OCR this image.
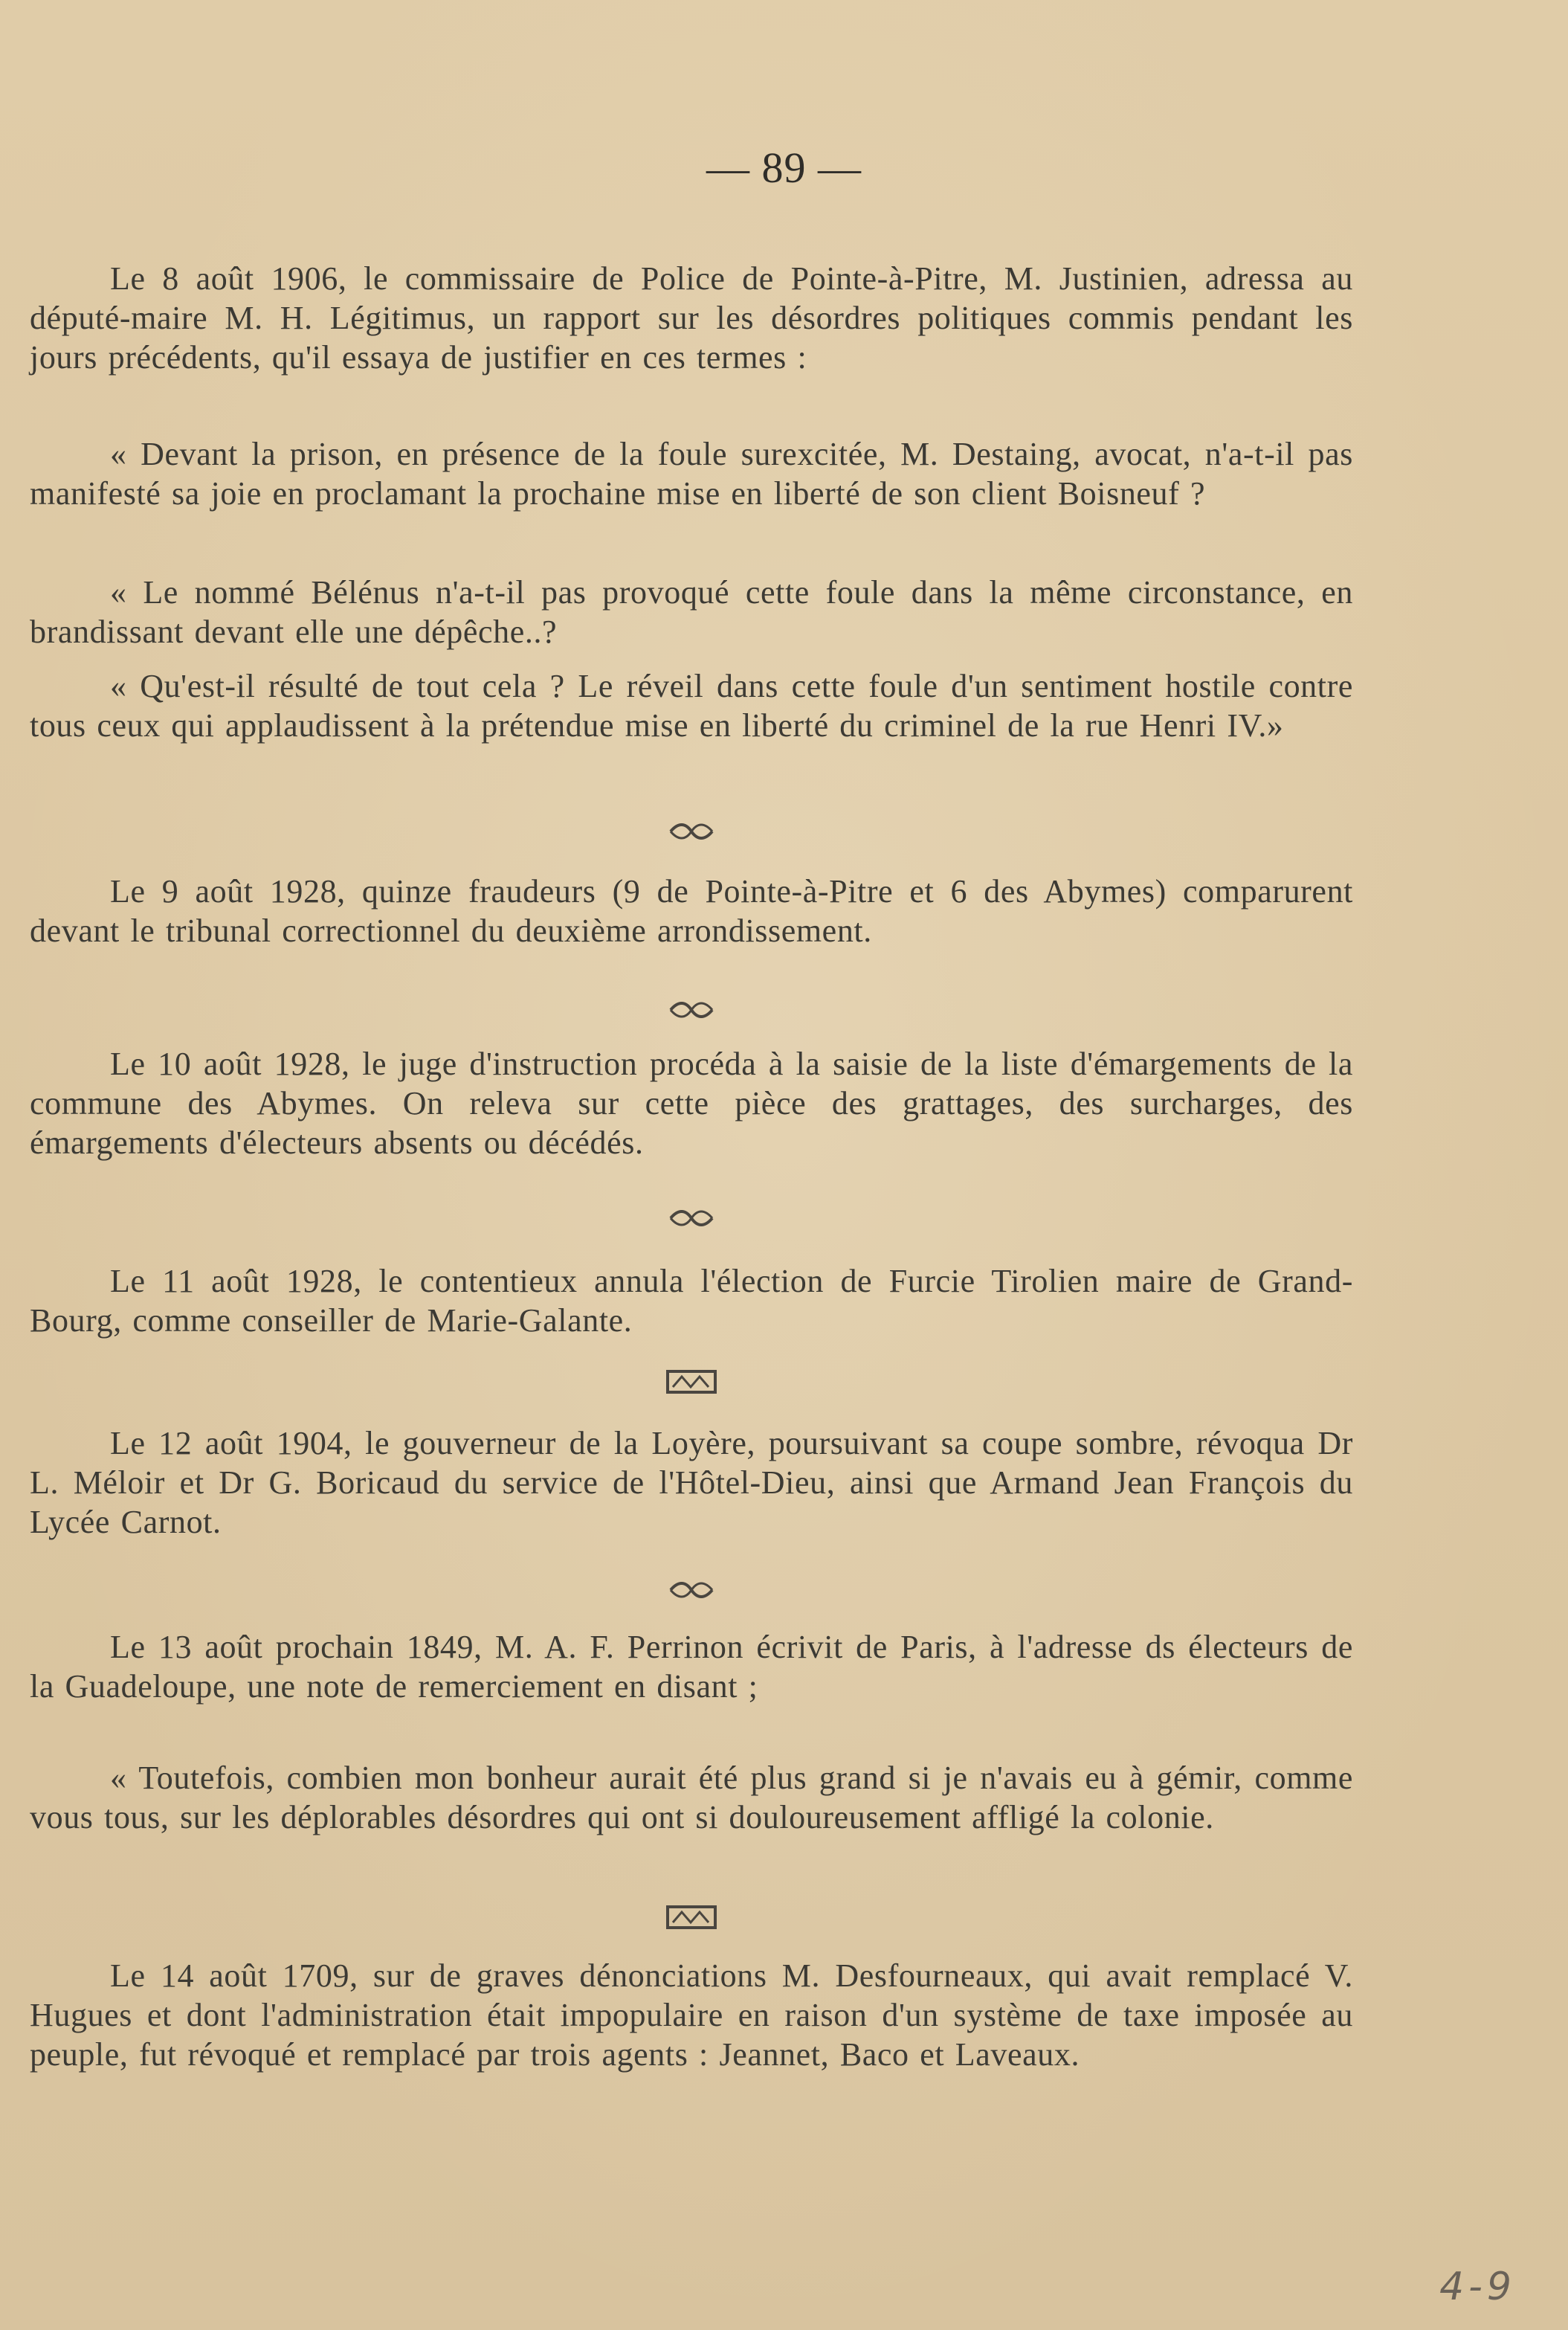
— 89 —

Le 8 août 1906, le commissaire de Police de Pointe-à-Pitre, M. Justinien, adressa au député-maire M. H. Légitimus, un rapport sur les désordres politiques commis pendant les jours précédents, qu'il essaya de justifier en ces termes :

« Devant la prison, en présence de la foule surexcitée, M. Destaing, avocat, n'a-t-il pas manifesté sa joie en proclamant la prochaine mise en liberté de son client Boisneuf ?

« Le nommé Bélénus n'a-t-il pas provoqué cette foule dans la même circonstance, en brandissant devant elle une dépêche..?

« Qu'est-il résulté de tout cela ? Le réveil dans cette foule d'un sentiment hostile contre tous ceux qui applaudissent à la prétendue mise en liberté du criminel de la rue Henri IV.»

Le 9 août 1928, quinze fraudeurs (9 de Pointe-à-Pitre et 6 des Abymes) comparurent devant le tribunal correctionnel du deuxième arrondissement.

Le 10 août 1928, le juge d'instruction procéda à la saisie de la liste d'émargements de la commune des Abymes. On releva sur cette pièce des grattages, des surcharges, des émargements d'électeurs absents ou décédés.

Le 11 août 1928, le contentieux annula l'élection de Furcie Tirolien maire de Grand-Bourg, comme conseiller de Marie-Galante.

Le 12 août 1904, le gouverneur de la Loyère, poursuivant sa coupe sombre, révoqua Dr L. Méloir et Dr G. Boricaud du service de l'Hôtel-Dieu, ainsi que Armand Jean François du Lycée Carnot.

Le 13 août prochain 1849, M. A. F. Perrinon écrivit de Paris, à l'adresse ds électeurs de la Guadeloupe, une note de remerciement en disant ;

« Toutefois, combien mon bonheur aurait été plus grand si je n'avais eu à gémir, comme vous tous, sur les déplorables désordres qui ont si douloureusement affligé la colonie.

Le 14 août 1709, sur de graves dénonciations M. Desfourneaux, qui avait remplacé V. Hugues et dont l'administration était impopulaire en raison d'un système de taxe imposée au peuple, fut révoqué et remplacé par trois agents : Jeannet, Baco et Laveaux.

4-9
